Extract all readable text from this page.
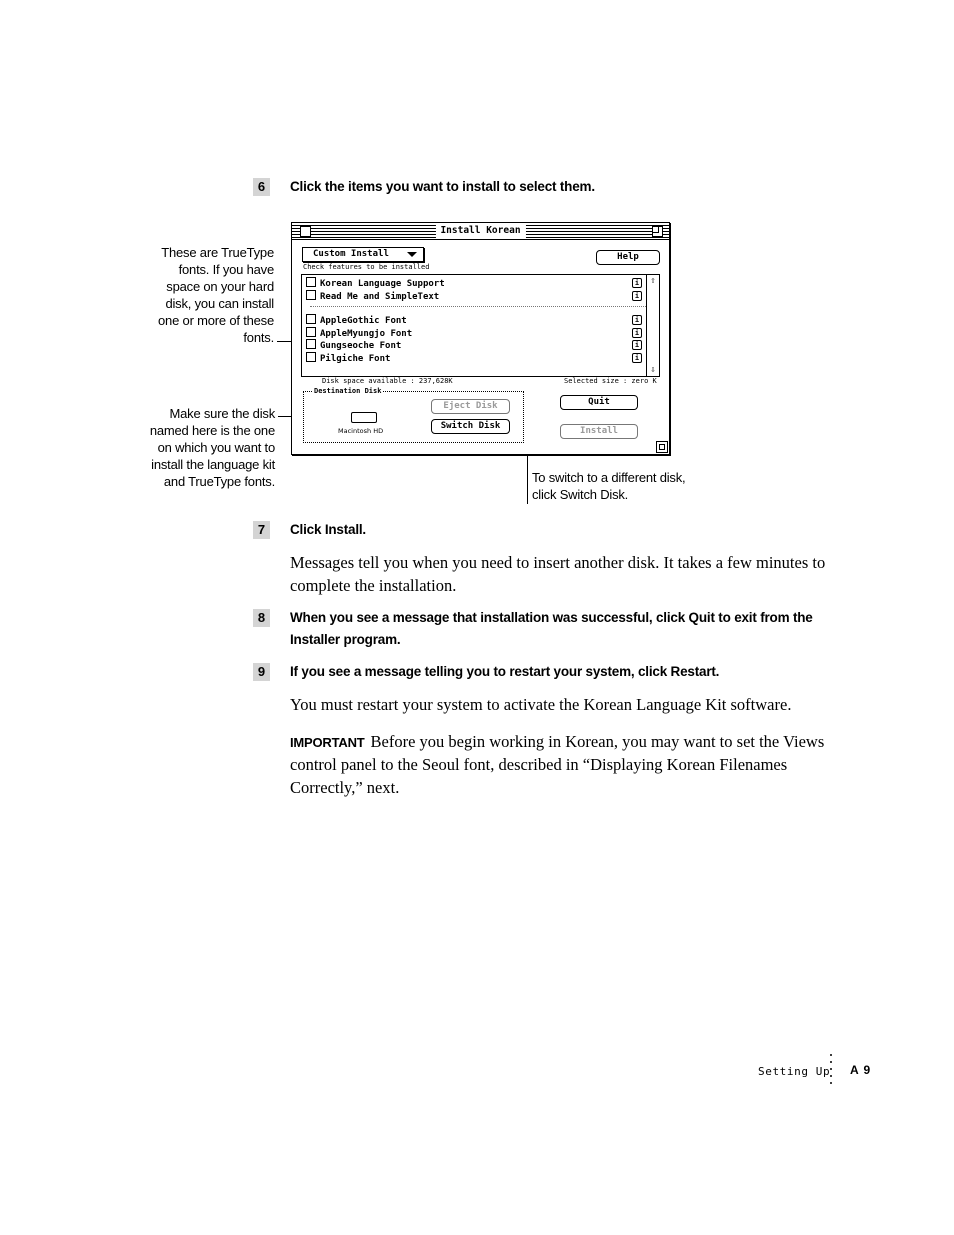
6	Click the items you want to install to select them.
These are TrueType fonts. If you have space on your hard disk, you can install one or more of these fonts.
Make sure the disk named here is the one on which you want to install the language kit and TrueType fonts.	To switch to a different disk, click Switch Disk.
Install Korean
Custom Install	Help
Check features to be installed
Korean Language Support	i
Read Me and SimpleText	i
AppleGothic Font	i
AppleMyungjo Font	i
Gungseoche Font	i
Pilgiche Font	i
⇧
⇩
Disk space available : 237,628K	Selected size : zero K
Destination Disk
Macintosh HD
Eject Disk
Switch Disk
Quit
Install
7	Click Install.
Messages tell you when you need to insert another disk. It takes a few minutes to complete the installation.
8	When you see a message that installation was successful, click Quit to exit from the Installer program.
9	If you see a message telling you to restart your system, click Restart.
You must restart your system to activate the Korean Language Kit software.
IMPORTANT Before you begin working in Korean, you may want to set the Views control panel to the Seoul font, described in “Displaying Korean Filenames Correctly,” next.
Setting Up A 9
